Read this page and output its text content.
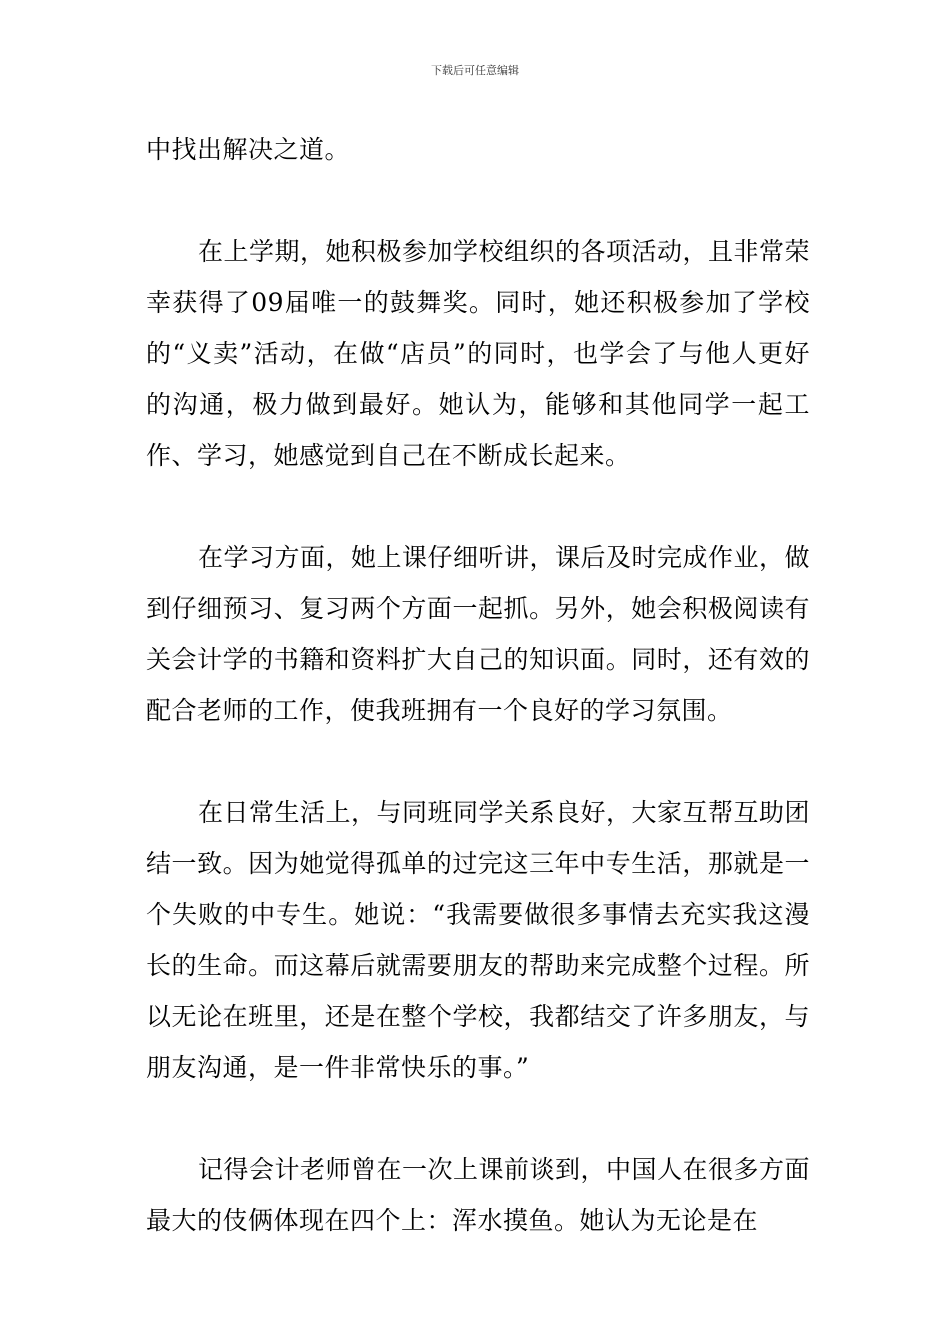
下载后可任意编辑

中找出解决之道。

在上学期，她积极参加学校组织的各项活动，且非常荣幸获得了09届唯一的鼓舞奖。同时，她还积极参加了学校的“义卖”活动，在做“店员”的同时，也学会了与他人更好的沟通，极力做到最好。她认为，能够和其他同学一起工作、学习，她感觉到自己在不断成长起来。

在学习方面，她上课仔细听讲，课后及时完成作业，做到仔细预习、复习两个方面一起抓。另外，她会积极阅读有关会计学的书籍和资料扩大自己的知识面。同时，还有效的配合老师的工作，使我班拥有一个良好的学习氛围。

在日常生活上，与同班同学关系良好，大家互帮互助团结一致。因为她觉得孤单的过完这三年中专生活，那就是一个失败的中专生。她说：“我需要做很多事情去充实我这漫长的生命。而这幕后就需要朋友的帮助来完成整个过程。所以无论在班里，还是在整个学校，我都结交了许多朋友，与朋友沟通，是一件非常快乐的事。”

记得会计老师曾在一次上课前谈到，中国人在很多方面最大的伎俩体现在四个上：浑水摸鱼。她认为无论是在
